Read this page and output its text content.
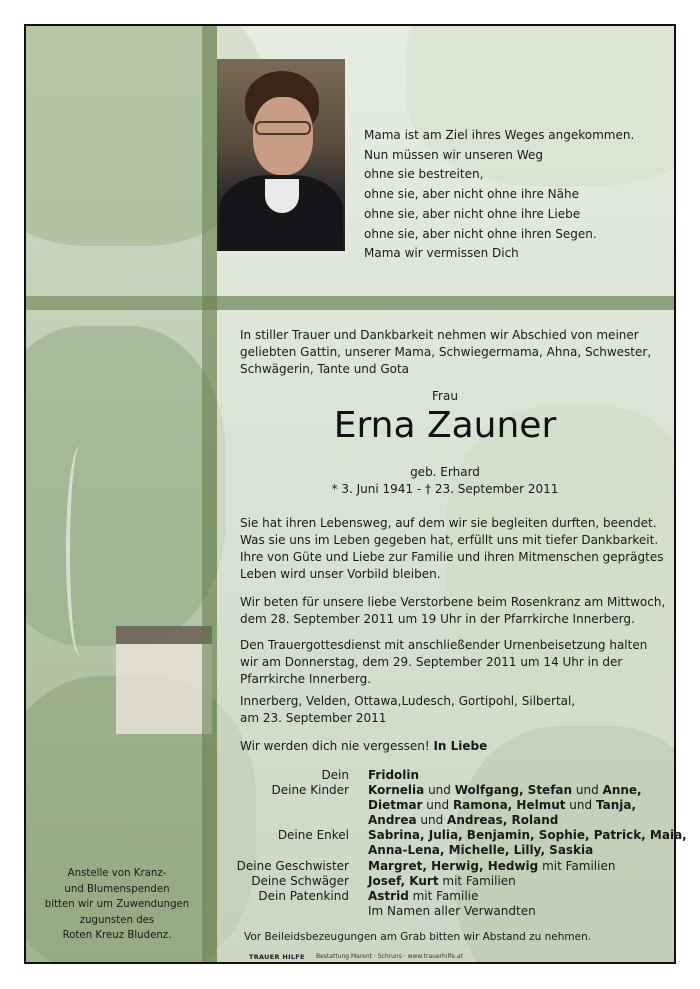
Mama ist am Ziel ihres Weges angekommen.
Nun müssen wir unseren Weg
ohne sie bestreiten,
ohne sie, aber nicht ohne ihre Nähe
ohne sie, aber nicht ohne ihre Liebe
ohne sie, aber nicht ohne ihren Segen.
Mama wir vermissen Dich
In stiller Trauer und Dankbarkeit nehmen wir Abschied von meiner
geliebten Gattin, unserer Mama, Schwiegermama, Ahna, Schwester,
Schwägerin, Tante und Gota
Frau
Erna Zauner
geb. Erhard
* 3. Juni 1941 - † 23. September 2011
Sie hat ihren Lebensweg, auf dem wir sie begleiten durften, beendet.
Was sie uns im Leben gegeben hat, erfüllt uns mit tiefer Dankbarkeit.
Ihre von Güte und Liebe zur Familie und ihren Mitmenschen geprägtes
Leben wird unser Vorbild bleiben.
Wir beten für unsere liebe Verstorbene beim Rosenkranz am Mittwoch,
dem 28. September 2011 um 19 Uhr in der Pfarrkirche Innerberg.
Den Trauergottesdienst mit anschließender Urnenbeisetzung halten
wir am Donnerstag, dem 29. September 2011 um 14 Uhr in der
Pfarrkirche Innerberg.
Innerberg, Velden, Ottawa,Ludesch, Gortipohl, Silbertal,
am 23. September 2011
Wir werden dich nie vergessen! In Liebe
Dein Fridolin
Deine Kinder Kornelia und Wolfgang, Stefan und Anne,
Dietmar und Ramona, Helmut und Tanja,
Andrea und Andreas, Roland
Deine Enkel Sabrina, Julia, Benjamin, Sophie, Patrick, Maia,
Anna-Lena, Michelle, Lilly, Saskia
Deine Geschwister Margret, Herwig, Hedwig mit Familien
Deine Schwäger Josef, Kurt mit Familien
Dein Patenkind Astrid mit Familie
Im Namen aller Verwandten
Anstelle von Kranz-
und Blumenspenden
bitten wir um Zuwendungen
zugunsten des
Roten Kreuz Bludenz.	Vor Beileidsbezeugungen am Grab bitten wir Abstand zu nehmen.
TRAUER HILFE Bestattung Marent · Schruns · www.trauerhilfe.at
